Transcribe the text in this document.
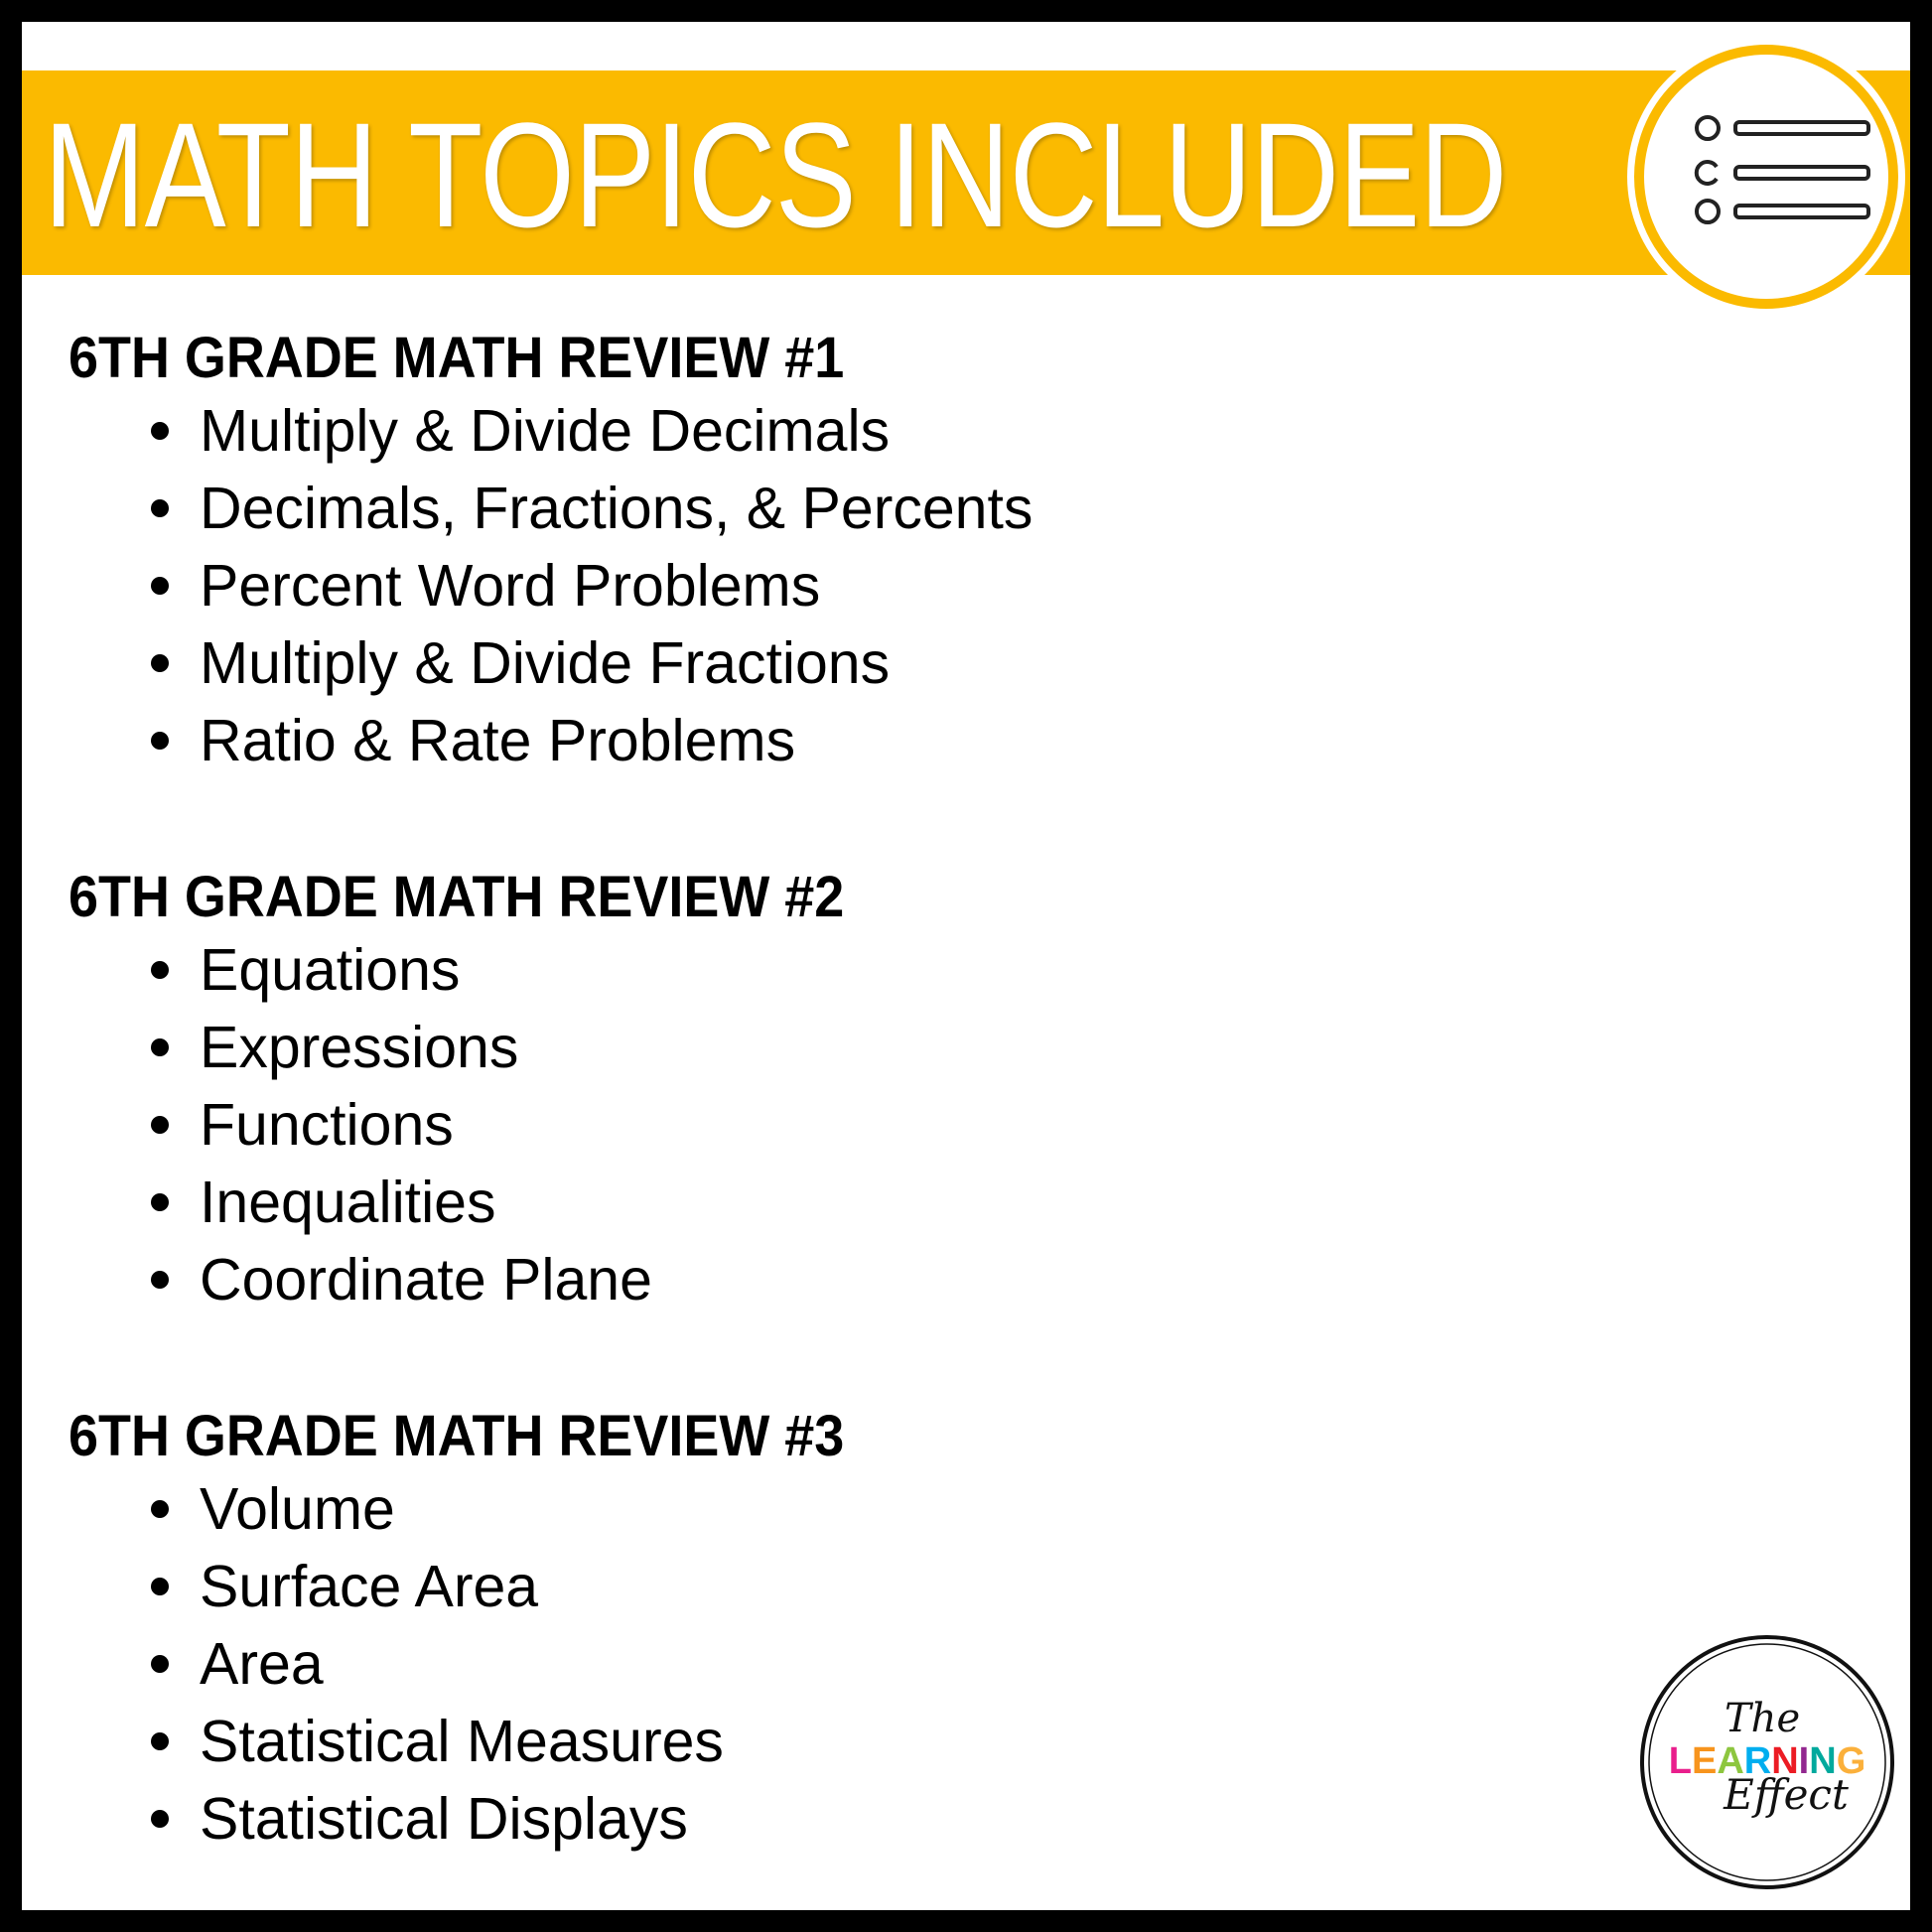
MATH TOPICS INCLUDED
6TH GRADE MATH REVIEW #1
Multiply & Divide Decimals
Decimals, Fractions, & Percents
Percent Word Problems
Multiply & Divide Fractions
Ratio & Rate Problems
6TH GRADE MATH REVIEW #2
Equations
Expressions
Functions
Inequalities
Coordinate Plane
6TH GRADE MATH REVIEW #3
Volume
Surface Area
Area
Statistical Measures
Statistical Displays
The
LEARNING
Effect
